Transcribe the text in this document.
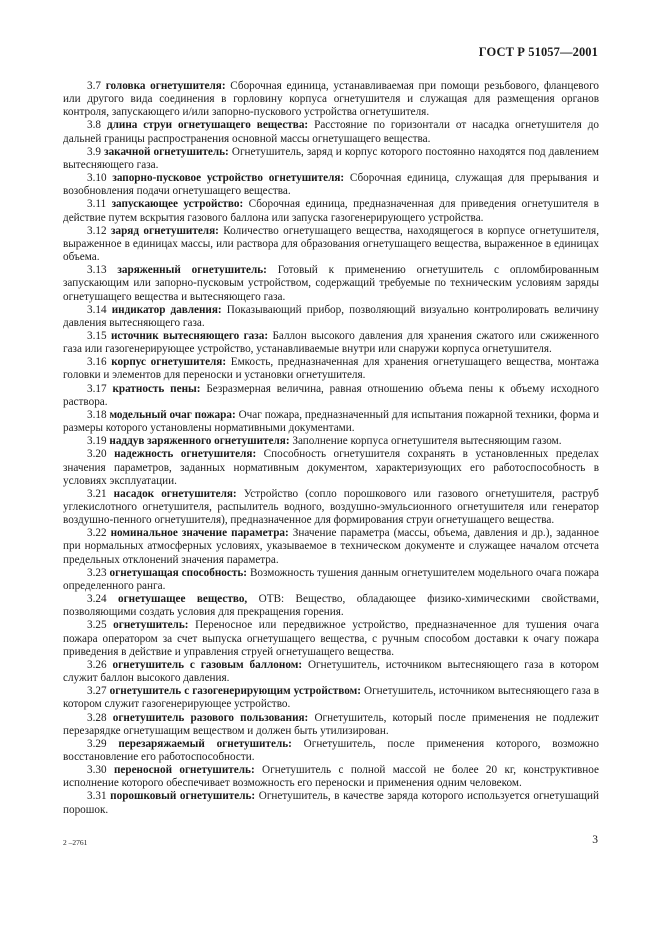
ГОСТ Р 51057—2001

3.7 головка огнетушителя: Сборочная единица, устанавливаемая при помощи резьбового, фланцевого или другого вида соединения в горловину корпуса огнетушителя и служащая для размещения органов контроля, запускающего и/или запорно-пускового устройства огнетушителя.

3.8 длина струи огнетушащего вещества: Расстояние по горизонтали от насадка огнетушителя до дальней границы распространения основной массы огнетушащего вещества.

3.9 закачной огнетушитель: Огнетушитель, заряд и корпус которого постоянно находятся под давлением вытесняющего газа.

3.10 запорно-пусковое устройство огнетушителя: Сборочная единица, служащая для прерывания и возобновления подачи огнетушащего вещества.

3.11 запускающее устройство: Сборочная единица, предназначенная для приведения огнетушителя в действие путем вскрытия газового баллона или запуска газогенерирующего устройства.

3.12 заряд огнетушителя: Количество огнетушащего вещества, находящегося в корпусе огнетушителя, выраженное в единицах массы, или раствора для образования огнетушащего вещества, выраженное в единицах объема.

3.13 заряженный огнетушитель: Готовый к применению огнетушитель с опломбированным запускающим или запорно-пусковым устройством, содержащий требуемые по техническим условиям заряды огнетушащего вещества и вытесняющего газа.

3.14 индикатор давления: Показывающий прибор, позволяющий визуально контролировать величину давления вытесняющего газа.

3.15 источник вытесняющего газа: Баллон высокого давления для хранения сжатого или сжиженного газа или газогенерирующее устройство, устанавливаемые внутри или снаружи корпуса огнетушителя.

3.16 корпус огнетушителя: Емкость, предназначенная для хранения огнетушащего вещества, монтажа головки и элементов для переноски и установки огнетушителя.

3.17 кратность пены: Безразмерная величина, равная отношению объема пены к объему исходного раствора.

3.18 модельный очаг пожара: Очаг пожара, предназначенный для испытания пожарной техники, форма и размеры которого установлены нормативными документами.

3.19 наддув заряженного огнетушителя: Заполнение корпуса огнетушителя вытесняющим газом.

3.20 надежность огнетушителя: Способность огнетушителя сохранять в установленных пределах значения параметров, заданных нормативным документом, характеризующих его работоспособность в условиях эксплуатации.

3.21 насадок огнетушителя: Устройство (сопло порошкового или газового огнетушителя, раструб углекислотного огнетушителя, распылитель водного, воздушно-эмульсионного огнетушителя или генератор воздушно-пенного огнетушителя), предназначенное для формирования струи огнетушащего вещества.

3.22 номинальное значение параметра: Значение параметра (массы, объема, давления и др.), заданное при нормальных атмосферных условиях, указываемое в техническом документе и служащее началом отсчета предельных отклонений значения параметра.

3.23 огнетушащая способность: Возможность тушения данным огнетушителем модельного очага пожара определенного ранга.

3.24 огнетушащее вещество, ОТВ: Вещество, обладающее физико-химическими свойствами, позволяющими создать условия для прекращения горения.

3.25 огнетушитель: Переносное или передвижное устройство, предназначенное для тушения очага пожара оператором за счет выпуска огнетушащего вещества, с ручным способом доставки к очагу пожара приведения в действие и управления струей огнетушащего вещества.

3.26 огнетушитель с газовым баллоном: Огнетушитель, источником вытесняющего газа в котором служит баллон высокого давления.

3.27 огнетушитель с газогенерирующим устройством: Огнетушитель, источником вытесняющего газа в котором служит газогенерирующее устройство.

3.28 огнетушитель разового пользования: Огнетушитель, который после применения не подлежит перезарядке огнетушащим веществом и должен быть утилизирован.

3.29 перезаряжаемый огнетушитель: Огнетушитель, после применения которого, возможно восстановление его работоспособности.

3.30 переносной огнетушитель: Огнетушитель с полной массой не более 20 кг, конструктивное исполнение которого обеспечивает возможность его переноски и применения одним человеком.

3.31 порошковый огнетушитель: Огнетушитель, в качестве заряда которого используется огнетушащий порошок.

2 –2761	3
